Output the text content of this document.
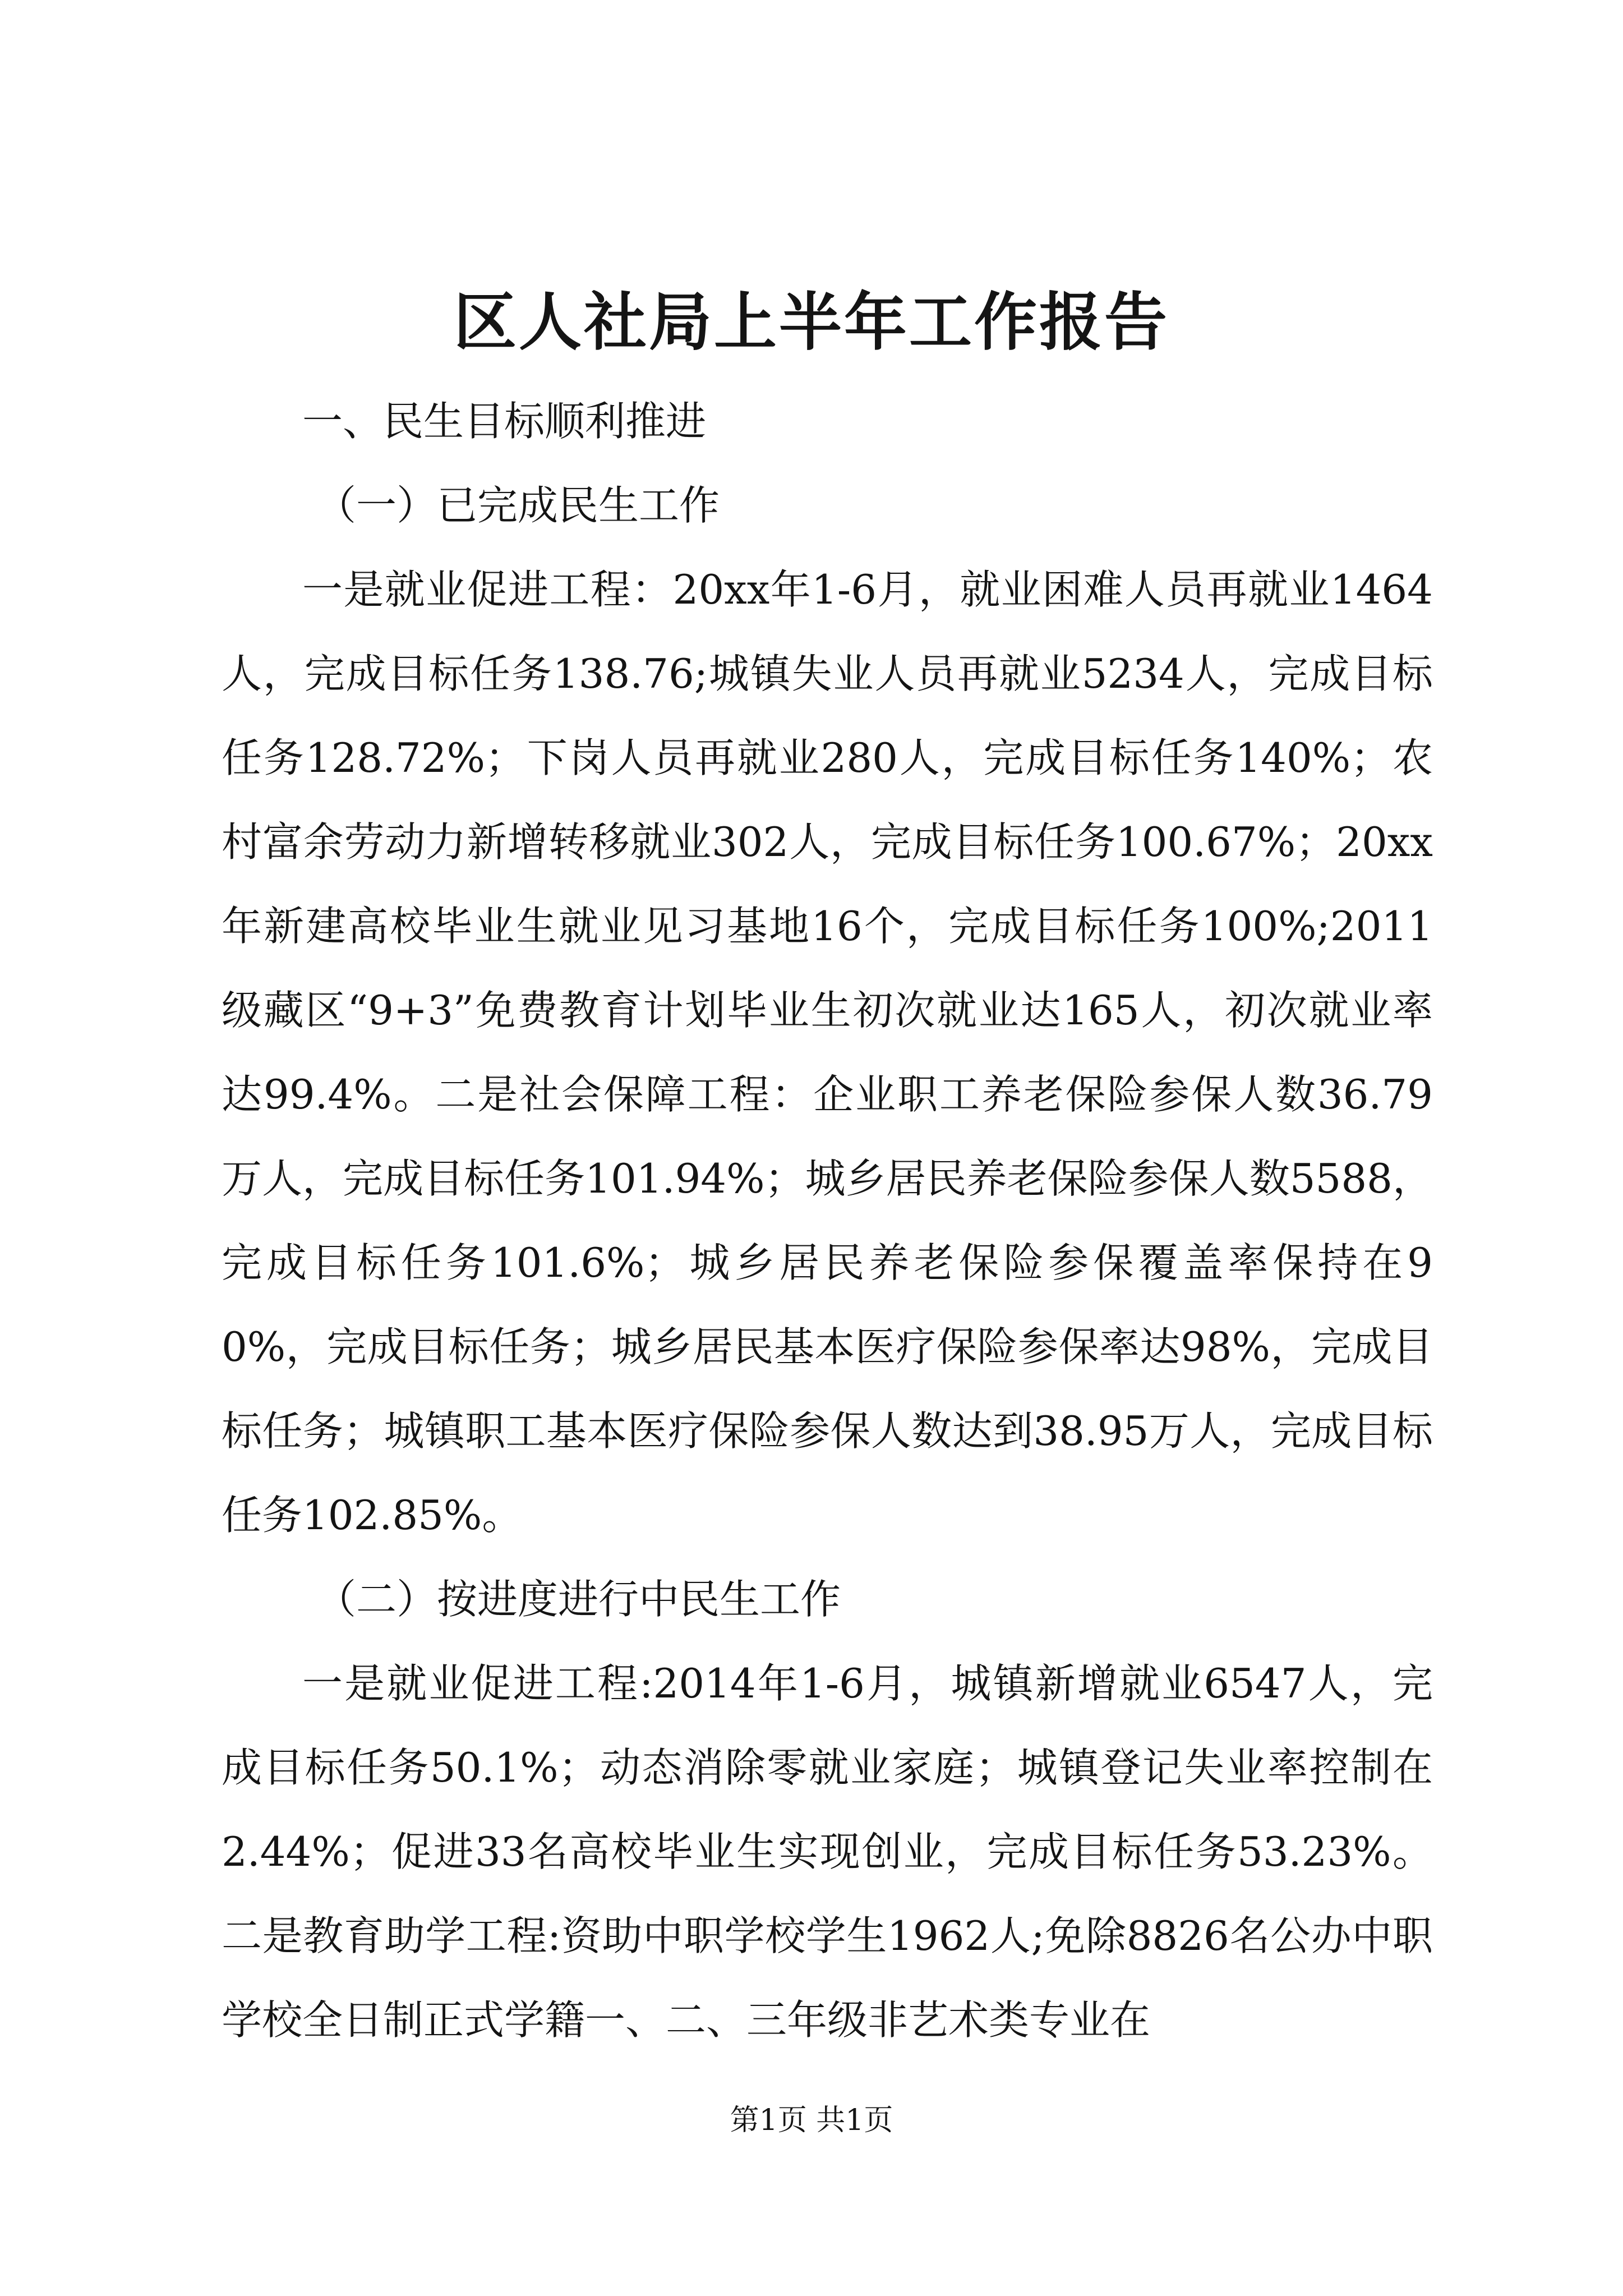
区人社局上半年工作报告

一、民生目标顺利推进

（一）已完成民生工作

一是就业促进工程：20xx年1-6月，就业困难人员再就业1464人，完成目标任务138.76;城镇失业人员再就业5234人，完成目标任务128.72%；下岗人员再就业280人，完成目标任务140%；农村富余劳动力新增转移就业302人，完成目标任务100.67%；20xx年新建高校毕业生就业见习基地16个，完成目标任务100%;2011级藏区“9+3”免费教育计划毕业生初次就业达165人，初次就业率达99.4%。二是社会保障工程：企业职工养老保险参保人数36.79万人，完成目标任务101.94%；城乡居民养老保险参保人数5588，完成目标任务101.6%；城乡居民养老保险参保覆盖率保持在90%，完成目标任务；城乡居民基本医疗保险参保率达98%，完成目标任务；城镇职工基本医疗保险参保人数达到38.95万人，完成目标任务102.85%。

（二）按进度进行中民生工作

一是就业促进工程:2014年1-6月，城镇新增就业6547人，完成目标任务50.1%；动态消除零就业家庭；城镇登记失业率控制在2.44%；促进33名高校毕业生实现创业，完成目标任务53.23%。二是教育助学工程:资助中职学校学生1962人;免除8826名公办中职学校全日制正式学籍一、二、三年级非艺术类专业在

第1页 共1页
